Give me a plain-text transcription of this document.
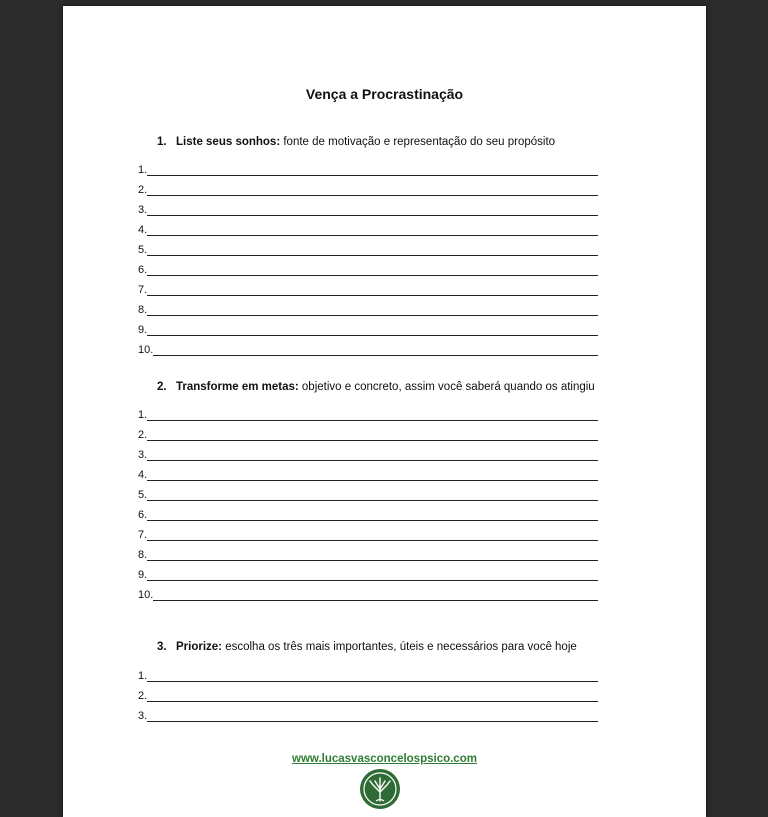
Vença a Procrastinação
1. Liste seus sonhos: fonte de motivação e representação do seu propósito
1.
2.
3.
4.
5.
6.
7.
8.
9.
10.
2. Transforme em metas: objetivo e concreto, assim você saberá quando os atingiu
1.
2.
3.
4.
5.
6.
7.
8.
9.
10.
3. Priorize: escolha os três mais importantes, úteis e necessários para você hoje
1.
2.
3.
www.lucasvasconcelospsico.com
